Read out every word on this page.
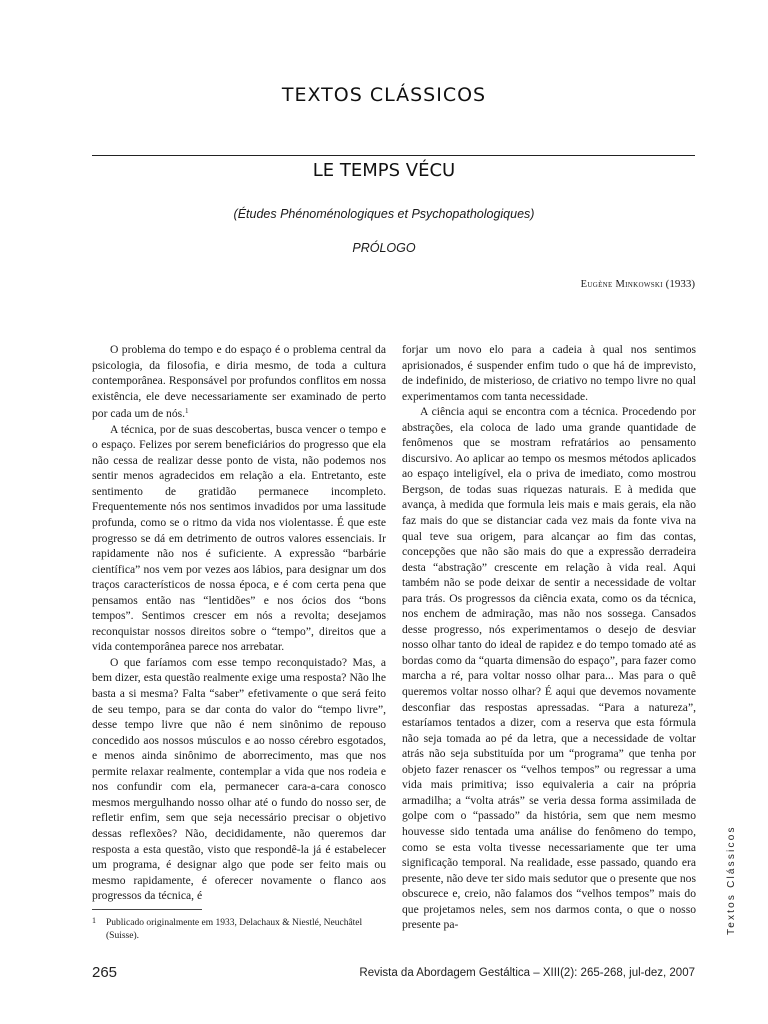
TEXTOS CLÁSSICOS
LE TEMPS VÉCU
(Études Phénoménologiques et Psychopathologiques)
PRÓLOGO
Eugène Minkowski (1933)

O problema do tempo e do espaço é o problema central da psicologia, da filosofia, e diria mesmo, de toda a cultura contemporânea. Responsável por profundos conflitos em nossa existência, ele deve necessariamente ser examinado de perto por cada um de nós.$^1$

A técnica, por de suas descobertas, busca vencer o tempo e o espaço. Felizes por serem beneficiários do progresso que ela não cessa de realizar desse ponto de vista, não podemos nos sentir menos agradecidos em relação a ela. Entretanto, este sentimento de gratidão permanece incompleto. Frequentemente nós nos sentimos invadidos por uma lassitude profunda, como se o ritmo da vida nos violentasse. É que este progresso se dá em detrimento de outros valores essenciais. Ir rapidamente não nos é suficiente. A expressão “barbárie científica” nos vem por vezes aos lábios, para designar um dos traços característicos de nossa época, e é com certa pena que pensamos então nas “lentidões” e nos ócios dos “bons tempos”. Sentimos crescer em nós a revolta; desejamos reconquistar nossos direitos sobre o “tempo”, direitos que a vida contemporânea parece nos arrebatar.

O que faríamos com esse tempo reconquistado? Mas, a bem dizer, esta questão realmente exige uma resposta? Não lhe basta a si mesma? Falta “saber” efetivamente o que será feito de seu tempo, para se dar conta do valor do “tempo livre”, desse tempo livre que não é nem sinônimo de repouso concedido aos nossos músculos e ao nosso cérebro esgotados, e menos ainda sinônimo de aborrecimento, mas que nos permite relaxar realmente, contemplar a vida que nos rodeia e nos confundir com ela, permanecer cara-a-cara conosco mesmos mergulhando nosso olhar até o fundo do nosso ser, de refletir enfim, sem que seja necessário precisar o objetivo dessas reflexões? Não, decididamente, não queremos dar resposta a esta questão, visto que respondê-la já é estabelecer um programa, é designar algo que pode ser feito mais ou mesmo rapidamente, é oferecer novamente o flanco aos progressos da técnica, é

forjar um novo elo para a cadeia à qual nos sentimos aprisionados, é suspender enfim tudo o que há de imprevisto, de indefinido, de misterioso, de criativo no tempo livre no qual experimentamos com tanta necessidade.

A ciência aqui se encontra com a técnica. Procedendo por abstrações, ela coloca de lado uma grande quantidade de fenômenos que se mostram refratários ao pensamento discursivo. Ao aplicar ao tempo os mesmos métodos aplicados ao espaço inteligível, ela o priva de imediato, como mostrou Bergson, de todas suas riquezas naturais. E à medida que avança, à medida que formula leis mais e mais gerais, ela não faz mais do que se distanciar cada vez mais da fonte viva na qual teve sua origem, para alcançar ao fim das contas, concepções que não são mais do que a expressão derradeira desta “abstração” crescente em relação à vida real. Aqui também não se pode deixar de sentir a necessidade de voltar para trás. Os progressos da ciência exata, como os da técnica, nos enchem de admiração, mas não nos sossega. Cansados desse progresso, nós experimentamos o desejo de desviar nosso olhar tanto do ideal de rapidez e do tempo tomado até as bordas como da “quarta dimensão do espaço”, para fazer como marcha a ré, para voltar nosso olhar para... Mas para o quê queremos voltar nosso olhar? É aqui que devemos novamente desconfiar das respostas apressadas. “Para a natureza”, estaríamos tentados a dizer, com a reserva que esta fórmula não seja tomada ao pé da letra, que a necessidade de voltar atrás não seja substituída por um “programa” que tenha por objeto fazer renascer os “velhos tempos” ou regressar a uma vida mais primitiva; isso equivaleria a cair na própria armadilha; a “volta atrás” se veria dessa forma assimilada de golpe com o “passado” da história, sem que nem mesmo houvesse sido tentada uma análise do fenômeno do tempo, como se esta volta tivesse necessariamente que ter uma significação temporal. Na realidade, esse passado, quando era presente, não deve ter sido mais sedutor que o presente que nos obscurece e, creio, não falamos dos “velhos tempos” mais do que projetamos neles, sem nos darmos conta, o que o nosso presente pa-

1 Publicado originalmente em 1933, Delachaux & Niestlé, Neuchâtel
(Suisse).
Textos Clássicos
265	Revista da Abordagem Gestáltica – XIII(2): 265-268, jul-dez, 2007
